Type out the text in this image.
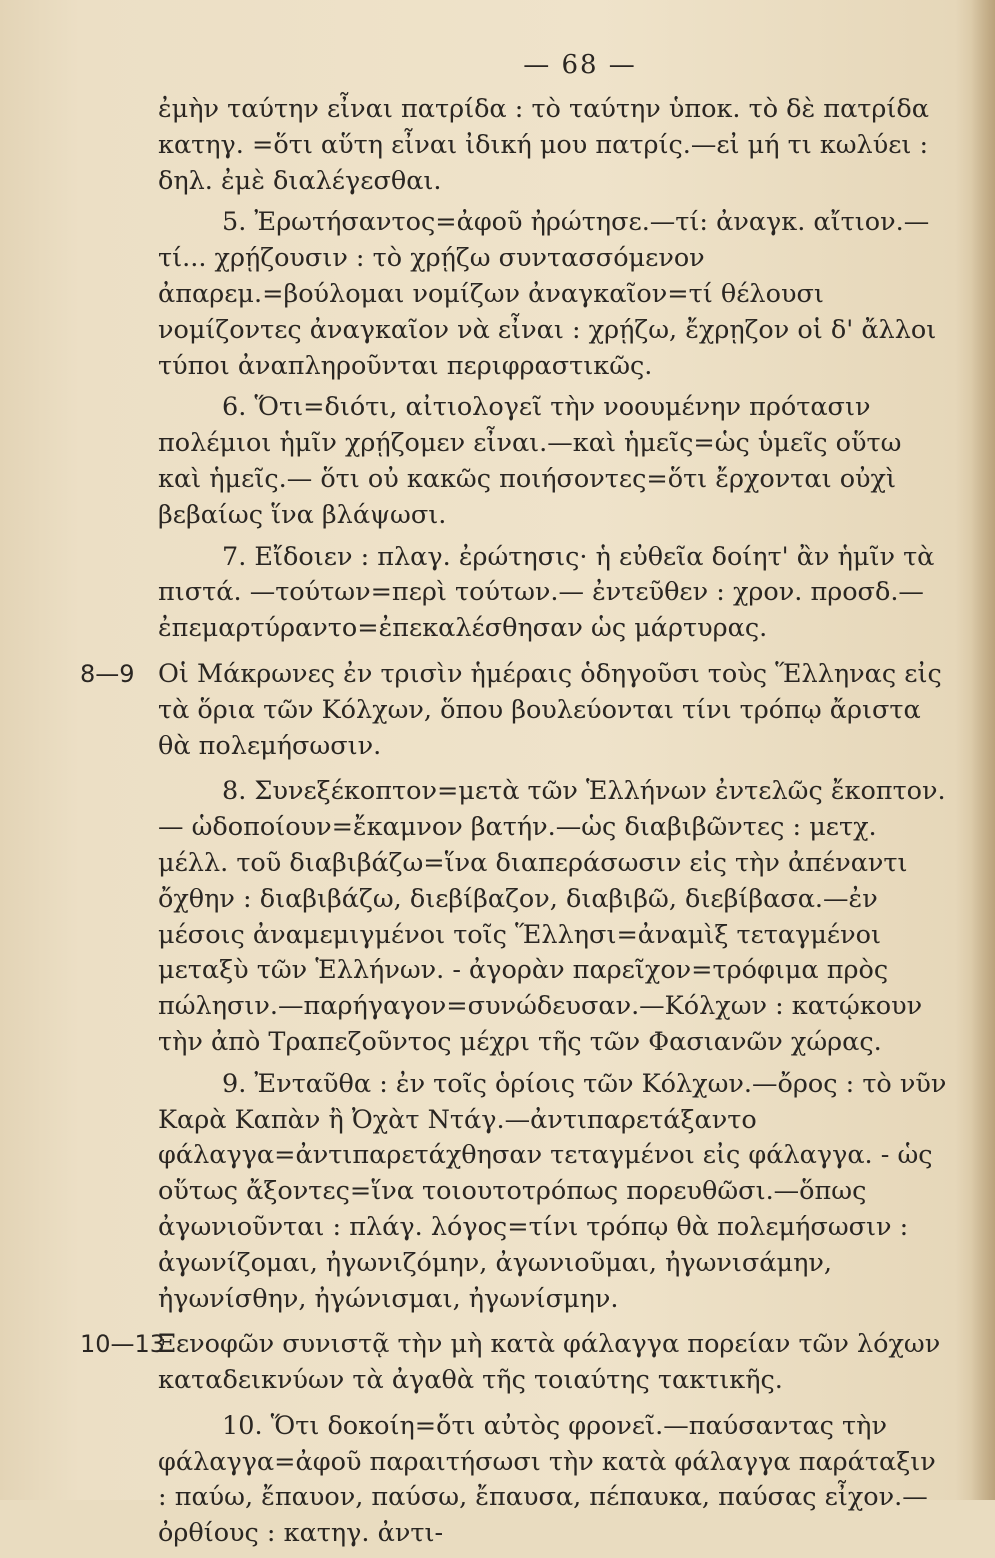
— 68 —

ἐμὴν ταύτην εἶναι πατρίδα : τὸ ταύτην ὑποκ. τὸ δὲ πατρίδα κατηγ. =ὅτι αὕτη εἶναι ἰδική μου πατρίς.—εἰ μή τι κωλύει : δηλ. ἐμὲ διαλέγεσθαι.

5. Ἐρωτήσαντος=ἀφοῦ ἠρώτησε.—τί: ἀναγκ. αἴτιον.—τί... χρῄζουσιν : τὸ χρῄζω συντασσόμενον ἀπαρεμ.=βούλομαι νομίζων ἀναγκαῖον=τί θέλουσι νομίζοντες ἀναγκαῖον νὰ εἶναι : χρῄζω, ἔχρῃζον οἱ δ' ἄλλοι τύποι ἀναπληροῦνται περιφραστικῶς.

6. Ὅτι=διότι, αἰτιολογεῖ τὴν νοουμένην πρότασιν πολέμιοι ἡμῖν χρῄζομεν εἶναι.—καὶ ἡμεῖς=ὡς ὑμεῖς οὕτω καὶ ἡμεῖς.— ὅτι οὐ κακῶς ποιήσοντες=ὅτι ἔρχονται οὐχὶ βεβαίως ἵνα βλάψωσι.

7. Εἴδοιεν : πλαγ. ἐρώτησις· ἡ εὐθεῖα δοίητ' ἂν ἡμῖν τὰ πιστά. —τούτων=περὶ τούτων.— ἐντεῦθεν : χρον. προσδ.—ἐπεμαρτύραντο=ἐπεκαλέσθησαν ὡς μάρτυρας.

8—9 Οἱ Μάκρωνες ἐν τρισὶν ἡμέραις ὁδηγοῦσι τοὺς Ἕλληνας εἰς τὰ ὅρια τῶν Κόλχων, ὅπου βουλεύονται τίνι τρόπῳ ἄριστα θὰ πολεμήσωσιν.

8. Συνεξέκοπτον=μετὰ τῶν Ἑλλήνων ἐντελῶς ἔκοπτον.— ὡδοποίουν=ἔκαμνον βατήν.—ὡς διαβιβῶντες : μετχ. μέλλ. τοῦ διαβιβάζω=ἵνα διαπεράσωσιν εἰς τὴν ἀπέναντι ὄχθην : διαβιβάζω, διεβίβαζον, διαβιβῶ, διεβίβασα.—ἐν μέσοις ἀναμεμιγμένοι τοῖς Ἕλλησι=ἀναμὶξ τεταγμένοι μεταξὺ τῶν Ἑλλήνων. - ἀγορὰν παρεῖχον=τρόφιμα πρὸς πώλησιν.—παρήγαγον=συνώδευσαν.—Κόλχων : κατῴκουν τὴν ἀπὸ Τραπεζοῦντος μέχρι τῆς τῶν Φασιανῶν χώρας.

9. Ἐνταῦθα : ἐν τοῖς ὁρίοις τῶν Κόλχων.—ὄρος : τὸ νῦν Καρὰ Καπὰν ἢ Ὀχὰτ Ντάγ.—ἀντιπαρετάξαντο φάλαγγα=ἀντιπαρετάχθησαν τεταγμένοι εἰς φάλαγγα. - ὡς οὕτως ἄξοντες=ἵνα τοιουτοτρόπως πορευθῶσι.—ὅπως ἀγωνιοῦνται : πλάγ. λόγος=τίνι τρόπῳ θὰ πολεμήσωσιν : ἀγωνίζομαι, ἠγωνιζόμην, ἀγωνιοῦμαι, ἠγωνισάμην, ἠγωνίσθην, ἠγώνισμαι, ἠγωνίσμην.

10—13

Ξενοφῶν συνιστᾷ τὴν μὴ κατὰ φάλαγγα πορείαν τῶν λόχων καταδεικνύων τὰ ἀγαθὰ τῆς τοιαύτης τακτικῆς.

10. Ὅτι δοκοίη=ὅτι αὐτὸς φρονεῖ.—παύσαντας τὴν φάλαγγα=ἀφοῦ παραιτήσωσι τὴν κατὰ φάλαγγα παράταξιν : παύω, ἔπαυον, παύσω, ἔπαυσα, πέπαυκα, παύσας εἶχον.—ὀρθίους : κατηγ. ἀντι-
